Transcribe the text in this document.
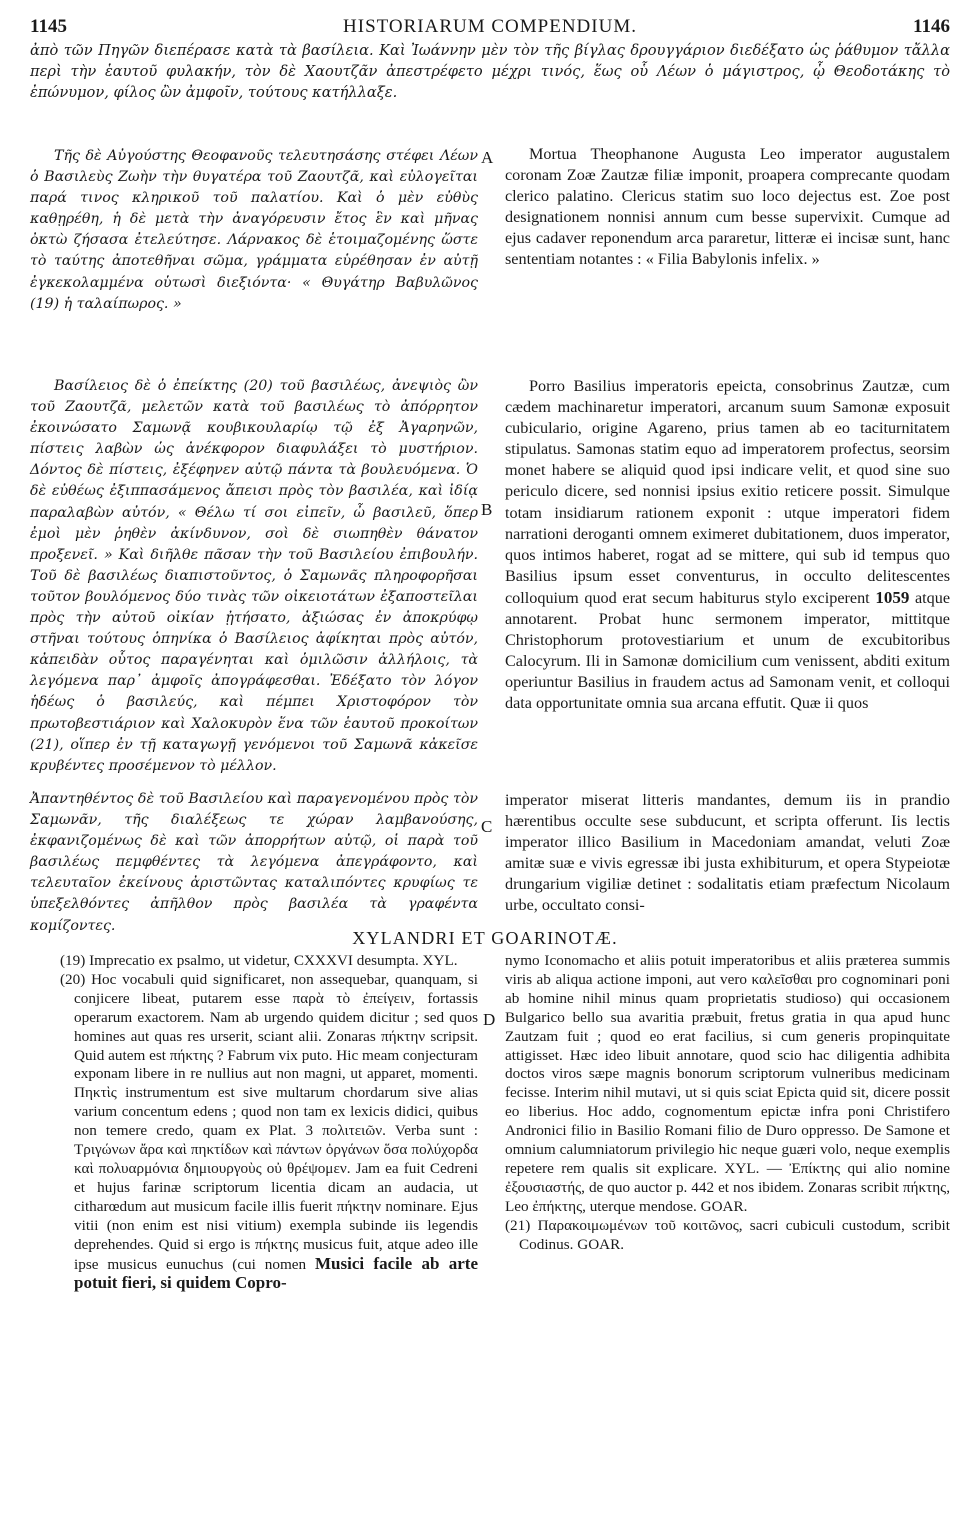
1145	HISTORIARUM COMPENDIUM.	1146

ἀπὸ τῶν Πηγῶν διεπέρασε κατὰ τὰ βασίλεια. Καὶ Ἰωάννην μὲν τὸν τῆς βίγλας δρουγγάριον διεδέξατο ὡς ῥάθυμον τἄλλα περὶ τὴν ἑαυτοῦ φυλακήν, τὸν δὲ Χαουτζᾶν ἀπεστρέφετο μέχρι τινός, ἕως οὗ Λέων ὁ μάγιστρος, ᾧ Θεοδοτάκης τὸ ἐπώνυμον, φίλος ὢν ἀμφοῖν, τούτους κατήλλαξε.

Τῆς δὲ Αὐγούστης Θεοφανοῦς τελευτησάσης στέφει Λέων ὁ Βασιλεὺς Ζωὴν τὴν θυγατέρα τοῦ Ζαουτζᾶ, καὶ εὐλογεῖται παρά τινος κληρικοῦ τοῦ παλατίου. Καὶ ὁ μὲν εὐθὺς καθῃρέθη, ἡ δὲ μετὰ τὴν ἀναγόρευσιν ἔτος ἓν καὶ μῆνας ὀκτὼ ζήσασα ἐτελεύτησε. Λάρνακος δὲ ἑτοιμαζομένης ὥστε τὸ ταύτης ἀποτεθῆναι σῶμα, γράμματα εὑρέθησαν ἐν αὐτῇ ἐγκεκολαμμένα οὑτωσὶ διεξιόντα· « Θυγάτηρ Βαβυλῶνος (19) ἡ ταλαίπωρος. »

A	Mortua Theophanone Augusta Leo imperator augustalem coronam Zoæ Zautzæ filiæ imponit, proapera comprecante quodam clerico palatino. Clericus statim suo loco dejectus est. Zoe post designationem nonnisi annum cum besse supervixit. Cumque ad ejus cadaver reponendum arca pararetur, litteræ ei incisæ sunt, hanc sententiam notantes : « Filia Babylonis infelix. »

Βασίλειος δὲ ὁ ἐπείκτης (20) τοῦ βασιλέως, ἀνεψιὸς ὢν τοῦ Ζαουτζᾶ, μελετῶν κατὰ τοῦ βασιλέως τὸ ἀπόρρητον ἐκοινώσατο Σαμωνᾷ κουβικουλαρίῳ τῷ ἐξ Ἀγαρηνῶν, πίστεις λαβὼν ὡς ἀνέκφορον διαφυλάξει τὸ μυστήριον. Δόντος δὲ πίστεις, ἐξέφηνεν αὐτῷ πάντα τὰ βουλευόμενα. Ὁ δὲ εὐθέως ἐξιππασάμενος ἄπεισι πρὸς τὸν βασιλέα, καὶ ἰδίᾳ παραλαβὼν αὐτόν, « Θέλω τί σοι εἰπεῖν, ὦ βασιλεῦ, ὅπερ ἐμοὶ μὲν ῥηθὲν ἀκίνδυνον, σοὶ δὲ σιωπηθὲν θάνατον προξενεῖ. » Καὶ διῆλθε πᾶσαν τὴν τοῦ Βασιλείου ἐπιβουλήν. Τοῦ δὲ βασιλέως διαπιστοῦντος, ὁ Σαμωνᾶς πληροφορῆσαι τοῦτον βουλόμενος δύο τινὰς τῶν οἰκειοτάτων ἐξαποστεῖλαι πρὸς τὴν αὐτοῦ οἰκίαν ᾐτήσατο, ἀξιώσας ἐν ἀποκρύφῳ στῆναι τούτους ὁπηνίκα ὁ Βασίλειος ἀφίκηται πρὸς αὐτόν, κἀπειδὰν οὗτος παραγένηται καὶ ὁμιλῶσιν ἀλλήλοις, τὰ λεγόμενα παρ᾽ ἀμφοῖς ἀπογράφεσθαι. Ἐδέξατο τὸν λόγον ἡδέως ὁ βασιλεύς, καὶ πέμπει Χριστοφόρον τὸν πρωτοβεστιάριον καὶ Χαλοκυρὸν ἕνα τῶν ἑαυτοῦ προκοίτων (21), οἵπερ ἐν τῇ καταγωγῇ γενόμενοι τοῦ Σαμωνᾶ κἀκεῖσε κρυβέντες προσέμενον τὸ μέλλον.

B

Porro Basilius imperatoris epeicta, consobrinus Zautzæ, cum cædem machinaretur imperatori, arcanum suum Samonæ exposuit cubiculario, origine Agareno, prius tamen ab eo taciturnitatem stipulatus. Samonas statim equo ad imperatorem profectus, seorsim monet habere se aliquid quod ipsi indicare velit, et quod sine suo periculo dicere, sed nonnisi ipsius exitio reticere possit. Simulque totam insidiarum rationem exponit : utque imperatori fidem narrationi deroganti omnem eximeret dubitationem, duos imperator, quos intimos haberet, rogat ad se mittere, qui sub id tempus quo Basilius ipsum esset conventurus, in occulto delitescentes colloquium quod erat secum habiturus stylo exciperent 1059 atque annotarent. Probat hunc sermonem imperator, mittitque Christophorum protovestiarium et unum de excubitoribus Calocyrum. Ili in Samonæ domicilium cum venissent, abditi exitum operiuntur Basilius in fraudem actus ad Samonam venit, et colloqui data opportunitate omnia sua arcana effutit. Quæ ii quos

Ἀπαντηθέντος δὲ τοῦ Βασιλείου καὶ παραγενομένου πρὸς τὸν Σαμωνᾶν, τῆς διαλέξεως τε χώραν λαμβανούσης, ἐκφανιζομένως δὲ καὶ τῶν ἀπορρήτων αὐτῷ, οἱ παρὰ τοῦ βασιλέως πεμφθέντες τὰ λεγόμενα ἀπεγράφοντο, καὶ τελευταῖον ἐκείνους ἀριστῶντας καταλιπόντες κρυφίως τε ὑπεξελθόντες ἀπῆλθον πρὸς βασιλέα τὰ γραφέντα κομίζοντες.

C

imperator miserat litteris mandantes, demum iis in prandio hærentibus occulte sese subducunt, et scripta offerunt. Iis lectis imperator illico Basilium in Macedoniam amandat, veluti Zoæ amitæ suæ e vivis egressæ ibi justa exhibiturum, et opera Stypeiotæ drungarium vigiliæ detinet : sodalitatis etiam præfectum Nicolaum urbe, occultato consi-

XYLANDRI ET GOARINOTÆ.

(19) Imprecatio ex psalmo, ut videtur, CXXXVI desumpta. XYL.

(20) Hoc vocabuli quid significaret, non assequebar, quanquam, si conjicere libeat, putarem esse παρὰ τὸ ἐπείγειν, fortassis operarum exactorem. Nam ab urgendo quidem dicitur ; sed quos homines aut quas res urserit, sciant alii. Zonaras πήκτην scripsit. Quid autem est πήκτης ? Fabrum vix puto. Hic meam conjecturam exponam libere in re nullius aut non magni, ut apparet, momenti. Πηκτὶς instrumentum est sive multarum chordarum sive alias varium concentum edens ; quod non tam ex lexicis didici, quibus non temere credo, quam ex Plat. 3 πολιτειῶν. Verba sunt : Τριγώνων ἄρα καὶ πηκτίδων καὶ πάντων ὀργάνων ὅσα πολύχορδα καὶ πολυαρμόνια δημιουργοὺς οὐ θρέψομεν. Jam ea fuit Cedreni et hujus farinæ scriptorum licentia dicam an audacia, ut citharœdum aut musicum facile illis fuerit πήκτην nominare. Ejus vitii (non enim est nisi vitium) exempla subinde iis legendis deprehendes. Quid si ergo is πήκτης musicus fuit, atque adeo ille ipse musicus eunuchus (cui nomen Musici facile ab arte potuit fieri, si quidem Copro-

D

nymo Iconomacho et aliis potuit imperatoribus et aliis præterea summis viris ab aliqua actione imponi, aut vero καλεῖσθαι pro cognominari poni ab homine nihil minus quam proprietatis studioso) qui occasionem Bulgarico bello sua avaritia præbuit, fretus gratia in qua apud hunc Zautzam fuit ; quod eo erat facilius, si cum generis propinquitate attigisset. Hæc ideo libuit annotare, quod scio hac diligentia adhibita doctos viros sæpe magnis bonorum scriptorum vulneribus medicinam fecisse. Interim nihil mutavi, ut si quis sciat Epicta quid sit, dicere possit eo liberius. Hoc addo, cognomentum epictæ infra poni Christifero Andronici filio in Basilio Romani filio de Duro oppresso. De Samone et omnium calumniatorum privilegio hic neque guæri volo, neque exemplis repetere rem qualis sit explicare. XYL. — Ἐπίκτης qui alio nomine ἐξουσιαστής, de quo auctor p. 442 et nos ibidem. Zonaras scribit πήκτης, Leo ἐπήκτης, uterque mendose. GOAR.

(21) Παρακοιμωμένων τοῦ κοιτῶνος, sacri cubiculi custodum, scribit Codinus. GOAR.
